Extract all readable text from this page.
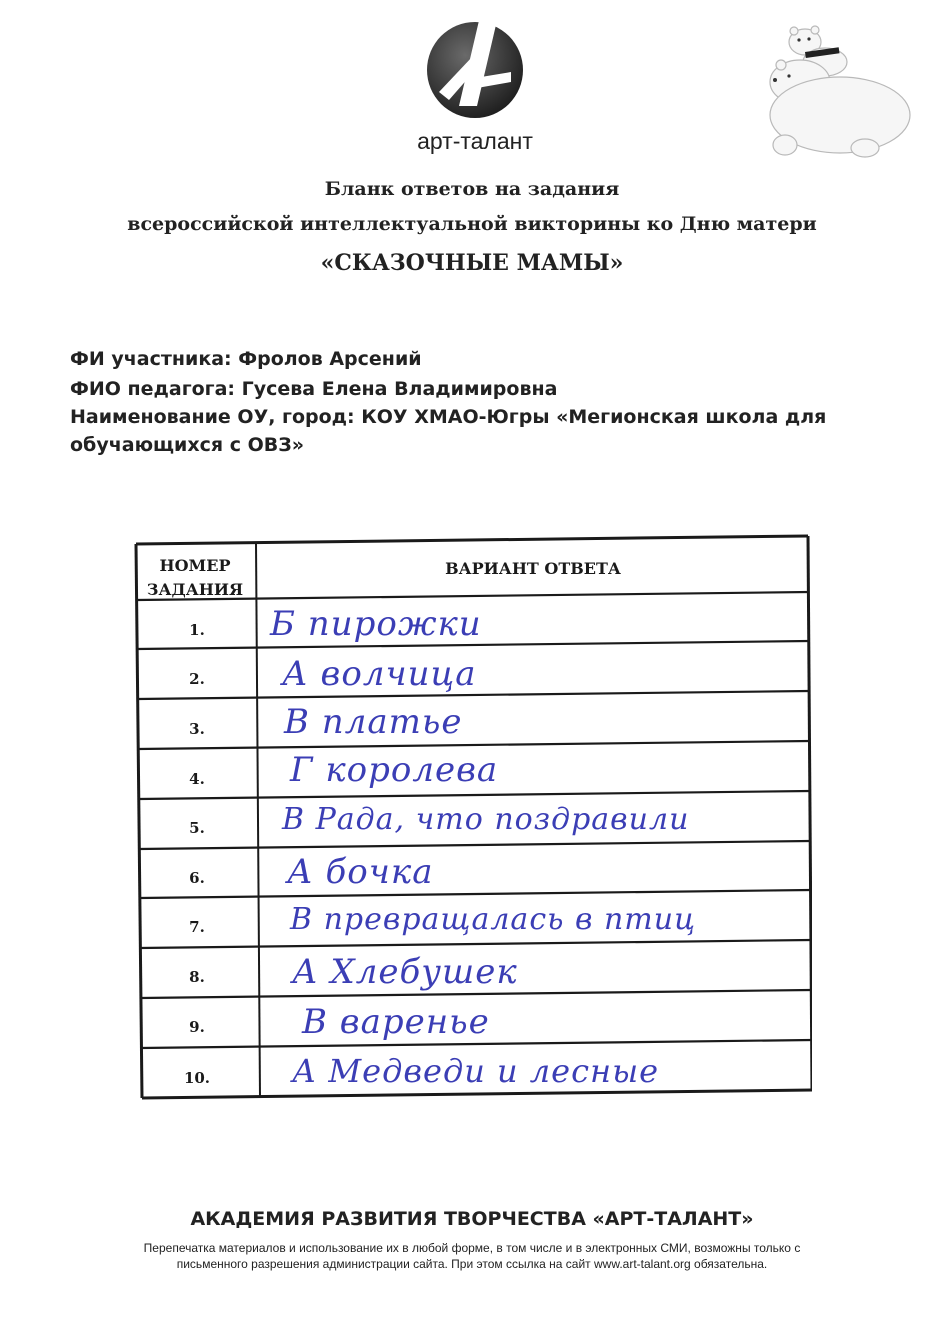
арт-талант
Бланк ответов на задания
всероссийской интеллектуальной викторины ко Дню матери
«СКАЗОЧНЫЕ МАМЫ»
ФИ участника: Фролов Арсений
ФИО педагога: Гусева Елена Владимировна
Наименование ОУ, город: КОУ ХМАО-Югры «Мегионская школа для
обучающихся с ОВЗ»
НОМЕР
ЗАДАНИЯ
ВАРИАНТ ОТВЕТА
1.
2.
3.
4.
5.
6.
7.
8.
9.
10.
Б пирожки
А волчица
В платье
Г королева
В Рада, что поздравили
А бочка
В превращалась в птиц
А Хлебушек
В варенье
А Медведи и лесные
АКАДЕМИЯ РАЗВИТИЯ ТВОРЧЕСТВА «АРТ-ТАЛАНТ»
Перепечатка материалов и использование их в любой форме, в том числе и в электронных СМИ, возможны только с
письменного разрешения администрации сайта. При этом ссылка на сайт www.art-talant.org обязательна.
